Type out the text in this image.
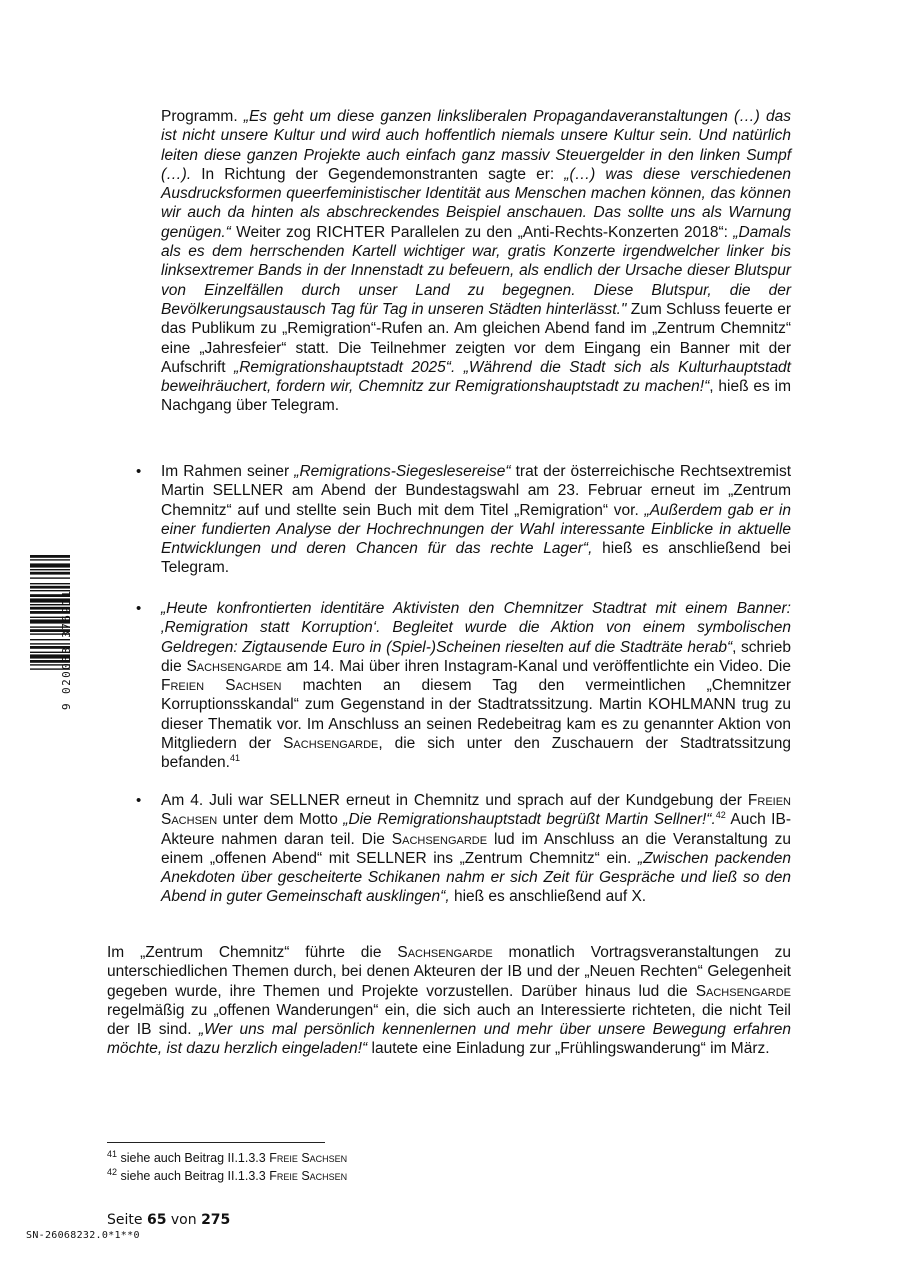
Programm. „Es geht um diese ganzen linksliberalen Propagandaveranstaltungen (…) das ist nicht unsere Kultur und wird auch hoffentlich niemals unsere Kultur sein. Und natürlich leiten diese ganzen Projekte auch einfach ganz massiv Steuergelder in den linken Sumpf (…). In Richtung der Gegendemonstranten sagte er: „(…) was diese verschiedenen Ausdrucksformen queerfeministischer Identität aus Menschen machen können, das können wir auch da hinten als abschreckendes Beispiel anschauen. Das sollte uns als Warnung genügen.“ Weiter zog RICHTER Parallelen zu den „Anti-Rechts-Konzerten 2018“: „Damals als es dem herrschenden Kartell wichtiger war, gratis Konzerte irgendwelcher linker bis linksextremer Bands in der Innenstadt zu befeuern, als endlich der Ursache dieser Blutspur von Einzelfällen durch unser Land zu begegnen. Diese Blutspur, die der Bevölkerungsaustausch Tag für Tag in unseren Städten hinterlässt." Zum Schluss feuerte er das Publikum zu „Remigration“-Rufen an. Am gleichen Abend fand im „Zentrum Chemnitz“ eine „Jahresfeier“ statt. Die Teilnehmer zeigten vor dem Eingang ein Banner mit der Aufschrift „Remigrationshauptstadt 2025“. „Während die Stadt sich als Kulturhauptstadt beweihräuchert, fordern wir, Chemnitz zur Remigrationshauptstadt zu machen!“, hieß es im Nachgang über Telegram.
• Im Rahmen seiner „Remigrations-Siegeslesereise“ trat der österreichische Rechtsextremist Martin SELLNER am Abend der Bundestagswahl am 23. Februar erneut im „Zentrum Chemnitz“ auf und stellte sein Buch mit dem Titel „Remigration“ vor. „Außerdem gab er in einer fundierten Analyse der Hochrechnungen der Wahl interessante Einblicke in aktuelle Entwicklungen und deren Chancen für das rechte Lager“, hieß es anschließend bei Telegram.
• „Heute konfrontierten identitäre Aktivisten den Chemnitzer Stadtrat mit einem Banner: ‚Remigration statt Korruption‘. Begleitet wurde die Aktion von einem symbolischen Geldregen: Zigtausende Euro in (Spiel-)Scheinen rieselten auf die Stadträte herab“, schrieb die Sachsengarde am 14. Mai über ihren Instagram-Kanal und veröffentlichte ein Video. Die Freien Sachsen machten an diesem Tag den vermeintlichen „Chemnitzer Korruptionsskandal“ zum Gegenstand in der Stadtratssitzung. Martin KOHLMANN trug zu dieser Thematik vor. Im Anschluss an seinen Redebeitrag kam es zu genannter Aktion von Mitgliedern der Sachsengarde, die sich unter den Zuschauern der Stadtratssitzung befanden.$^{41}$
• Am 4. Juli war SELLNER erneut in Chemnitz und sprach auf der Kundgebung der Freien Sachsen unter dem Motto „Die Remigrationshauptstadt begrüßt Martin Sellner!“.$^{42}$ Auch IB-Akteure nahmen daran teil. Die Sachsengarde lud im Anschluss an die Veranstaltung zu einem „offenen Abend“ mit SELLNER ins „Zentrum Chemnitz“ ein. „Zwischen packenden Anekdoten über gescheiterte Schikanen nahm er sich Zeit für Gespräche und ließ so den Abend in guter Gemeinschaft ausklingen“, hieß es anschließend auf X.
Im „Zentrum Chemnitz“ führte die Sachsengarde monatlich Vortragsveranstaltungen zu unterschiedlichen Themen durch, bei denen Akteuren der IB und der „Neuen Rechten“ Gelegenheit gegeben wurde, ihre Themen und Projekte vorzustellen. Darüber hinaus lud die Sachsengarde regelmäßig zu „offenen Wanderungen“ ein, die sich auch an Interessierte richteten, die nicht Teil der IB sind. „Wer uns mal persönlich kennenlernen und mehr über unsere Bewegung erfahren möchte, ist dazu herzlich eingeladen!“ lautete eine Einladung zur „Frühlingswanderung“ im März.
$^{41}$ siehe auch Beitrag II.1.3.3 Freie Sachsen
$^{42}$ siehe auch Beitrag II.1.3.3 Freie Sachsen
Seite 65 von 275
SN-26068232.0*1**0
9 020033 376911
